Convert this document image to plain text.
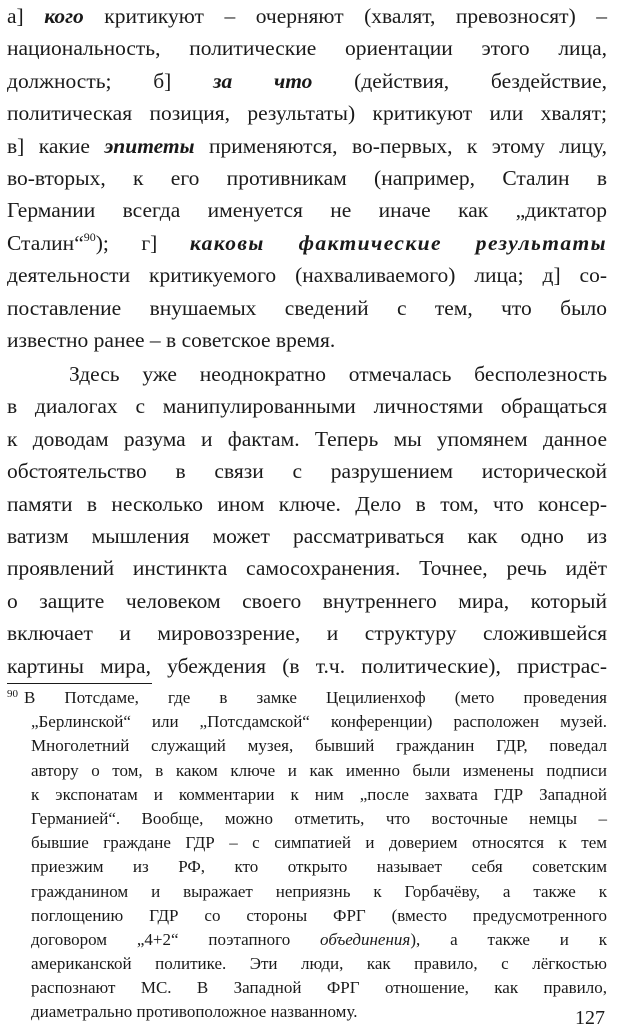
а] кого критикуют – очерняют (хвалят, превозносят) –
национальность, политические ориентации этого лица,
должность; б] за что (действия, бездействие,
политическая позиция, результаты) критикуют или хвалят;
в] какие эпитеты применяются, во-первых, к этому лицу,
во-вторых, к его противникам (например, Сталин в
Германии всегда именуется не иначе как „диктатор
Сталин“$^{90}$); г] каковы фактические результаты
деятельности критикуемого (нахваливаемого) лица; д] со-
поставление внушаемых сведений с тем, что было
известно ранее – в советское время.
Здесь уже неоднократно отмечалась бесполезность
в диалогах с манипулированными личностями обращаться
к доводам разума и фактам. Теперь мы упомянем данное
обстоятельство в связи с разрушением исторической
памяти в несколько ином ключе. Дело в том, что консер-
ватизм мышления может рассматриваться как одно из
проявлений инстинкта самосохранения. Точнее, речь идёт
о защите человеком своего внутреннего мира, который
включает и мировоззрение, и структуру сложившейся
картины мира, убеждения (в т.ч. политические), пристрас-
$^{90}$ В Потсдаме, где в замке Цецилиенхоф (мето проведения
„Берлинской“ или „Потсдамской“ конференции) расположен музей.
Многолетний служащий музея, бывший гражданин ГДР, поведал
автору о том, в каком ключе и как именно были изменены подписи
к экспонатам и комментарии к ним „после захвата ГДР Западной
Германией“. Вообще, можно отметить, что восточные немцы –
бывшие граждане ГДР – с симпатией и доверием относятся к тем
приезжим из РФ, кто открыто называет себя советским
гражданином и выражает неприязнь к Горбачёву, а также к
поглощению ГДР со стороны ФРГ (вместо предусмотренного
договором „4+2“ поэтапного объединения), а также и к
американской политике. Эти люди, как правило, с лёгкостью
распознают МС. В Западной ФРГ отношение, как правило,
диаметрально противоположное названному.	127
